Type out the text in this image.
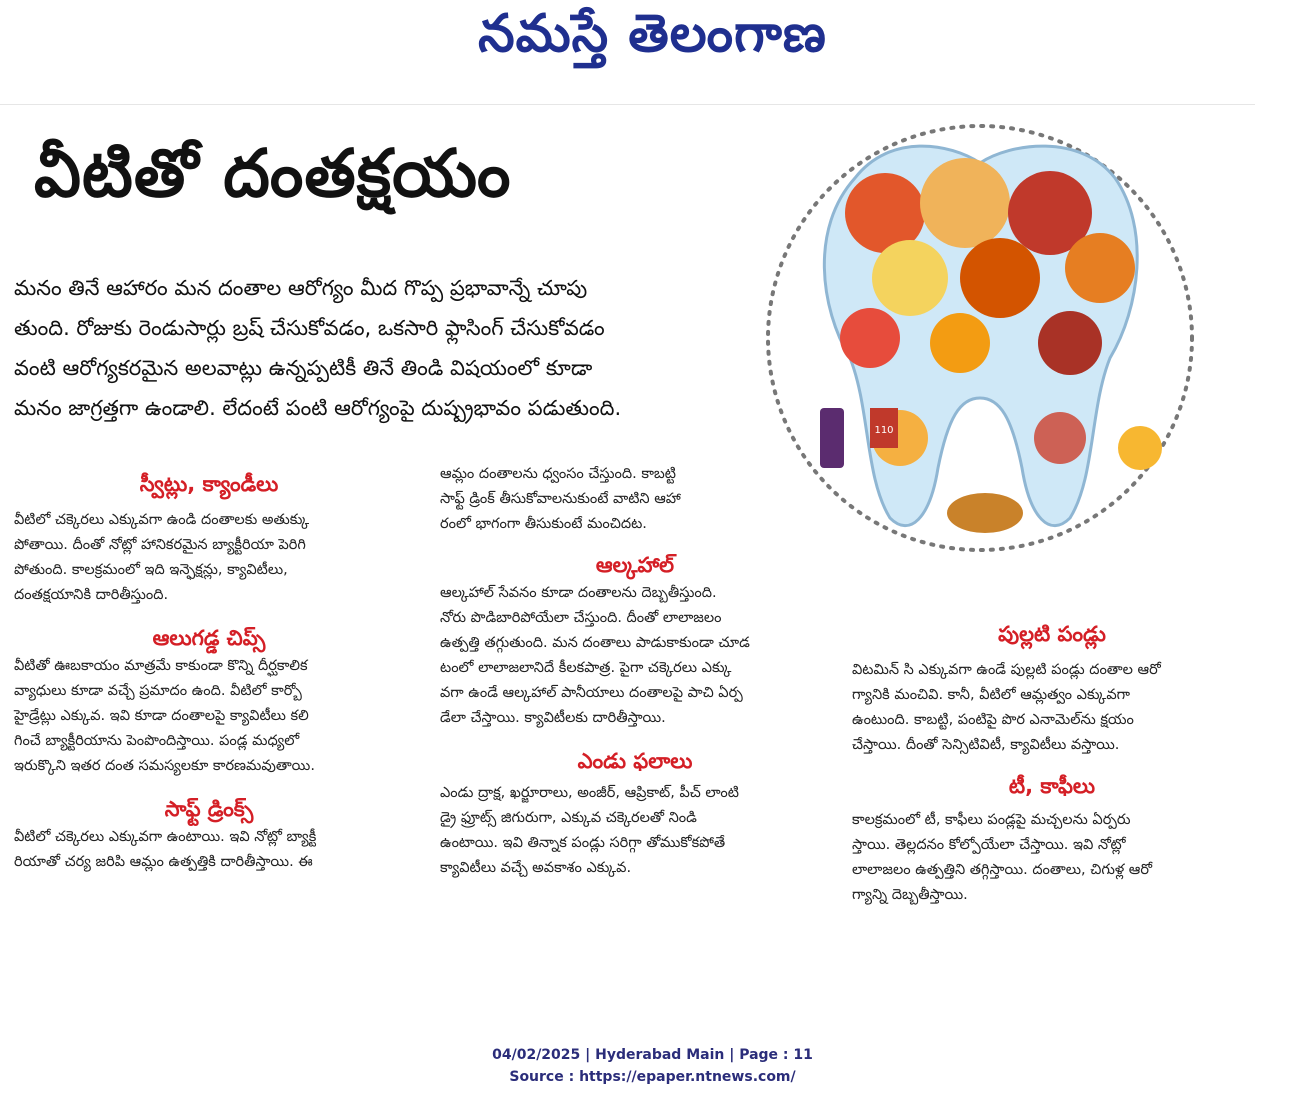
నమస్తే తెలంగాణ
వీటితో దంతక్షయం

మనం తినే ఆహారం మన దంతాల ఆరోగ్యం మీద గొప్ప ప్రభావాన్నే చూపు

తుంది. రోజుకు రెండుసార్లు బ్రష్ చేసుకోవడం, ఒకసారి ఫ్లాసింగ్ చేసుకోవడం

వంటి ఆరోగ్యకరమైన అలవాట్లు ఉన్నప్పటికీ తినే తిండి విషయంలో కూడా

మనం జాగ్రత్తగా ఉండాలి. లేదంటే పంటి ఆరోగ్యంపై దుష్ప్రభావం పడుతుంది.

110
స్వీట్లు, క్యాండీలు

వీటిలో చక్కెరలు ఎక్కువగా ఉండి దంతాలకు అతుక్కు

పోతాయి. దీంతో నోట్లో హానికరమైన బ్యాక్టీరియా పెరిగి

పోతుంది. కాలక్రమంలో ఇది ఇన్ఫెక్షన్లు, క్యావిటీలు,

దంతక్షయానికి దారితీస్తుంది.

ఆలుగడ్డ చిప్స్

వీటితో ఊబకాయం మాత్రమే కాకుండా కొన్ని దీర్ఘకాలిక

వ్యాధులు కూడా వచ్చే ప్రమాదం ఉంది. వీటిలో కార్బో

హైడ్రేట్లు ఎక్కువ. ఇవి కూడా దంతాలపై క్యావిటీలు కలి

గించే బ్యాక్టీరియాను పెంపొందిస్తాయి. పండ్ల మధ్యలో

ఇరుక్కొని ఇతర దంత సమస్యలకూ కారణమవుతాయి.

సాఫ్ట్ డ్రింక్స్

వీటిలో చక్కెరలు ఎక్కువగా ఉంటాయి. ఇవి నోట్లో బ్యాక్టీ

రియాతో చర్య జరిపి ఆమ్లం ఉత్పత్తికి దారితీస్తాయి. ఈ

ఆమ్లం దంతాలను ధ్వంసం చేస్తుంది. కాబట్టి

సాఫ్ట్ డ్రింక్ తీసుకోవాలనుకుంటే వాటిని ఆహా

రంలో భాగంగా తీసుకుంటే మంచిదట.

ఆల్కహాల్

ఆల్కహాల్ సేవనం కూడా దంతాలను దెబ్బతీస్తుంది.

నోరు పొడిబారిపోయేలా చేస్తుంది. దీంతో లాలాజలం

ఉత్పత్తి తగ్గుతుంది. మన దంతాలు పాడుకాకుండా చూడ

టంలో లాలాజలానిదే కీలకపాత్ర. పైగా చక్కెరలు ఎక్కు

వగా ఉండే ఆల్కహాల్ పానీయాలు దంతాలపై పాచి ఏర్ప

డేలా చేస్తాయి. క్యావిటీలకు దారితీస్తాయి.

ఎండు ఫలాలు

ఎండు ద్రాక్ష, ఖర్జూరాలు, అంజీర్, ఆప్రికాట్, పీచ్ లాంటి

డ్రై ఫ్రూట్స్ జిగురుగా, ఎక్కువ చక్కెరలతో నిండి

ఉంటాయి. ఇవి తిన్నాక పండ్లు సరిగ్గా తోముకోకపోతే

క్యావిటీలు వచ్చే అవకాశం ఎక్కువ.

పుల్లటి పండ్లు

విటమిన్ సి ఎక్కువగా ఉండే పుల్లటి పండ్లు దంతాల ఆరో

గ్యానికి మంచివి. కానీ, వీటిలో ఆమ్లత్వం ఎక్కువగా

ఉంటుంది. కాబట్టి, పంటిపై పొర ఎనామెల్‌ను క్షయం

చేస్తాయి. దీంతో సెన్సిటివిటీ, క్యావిటీలు వస్తాయి.

టీ, కాఫీలు

కాలక్రమంలో టీ, కాఫీలు పండ్లపై మచ్చలను ఏర్పరు

స్తాయి. తెల్లదనం కోల్పోయేలా చేస్తాయి. ఇవి నోట్లో

లాలాజలం ఉత్పత్తిని తగ్గిస్తాయి. దంతాలు, చిగుళ్ల ఆరో

గ్యాన్ని దెబ్బతీస్తాయి.

04/02/2025 | Hyderabad Main | Page : 11
Source : https://epaper.ntnews.com/
